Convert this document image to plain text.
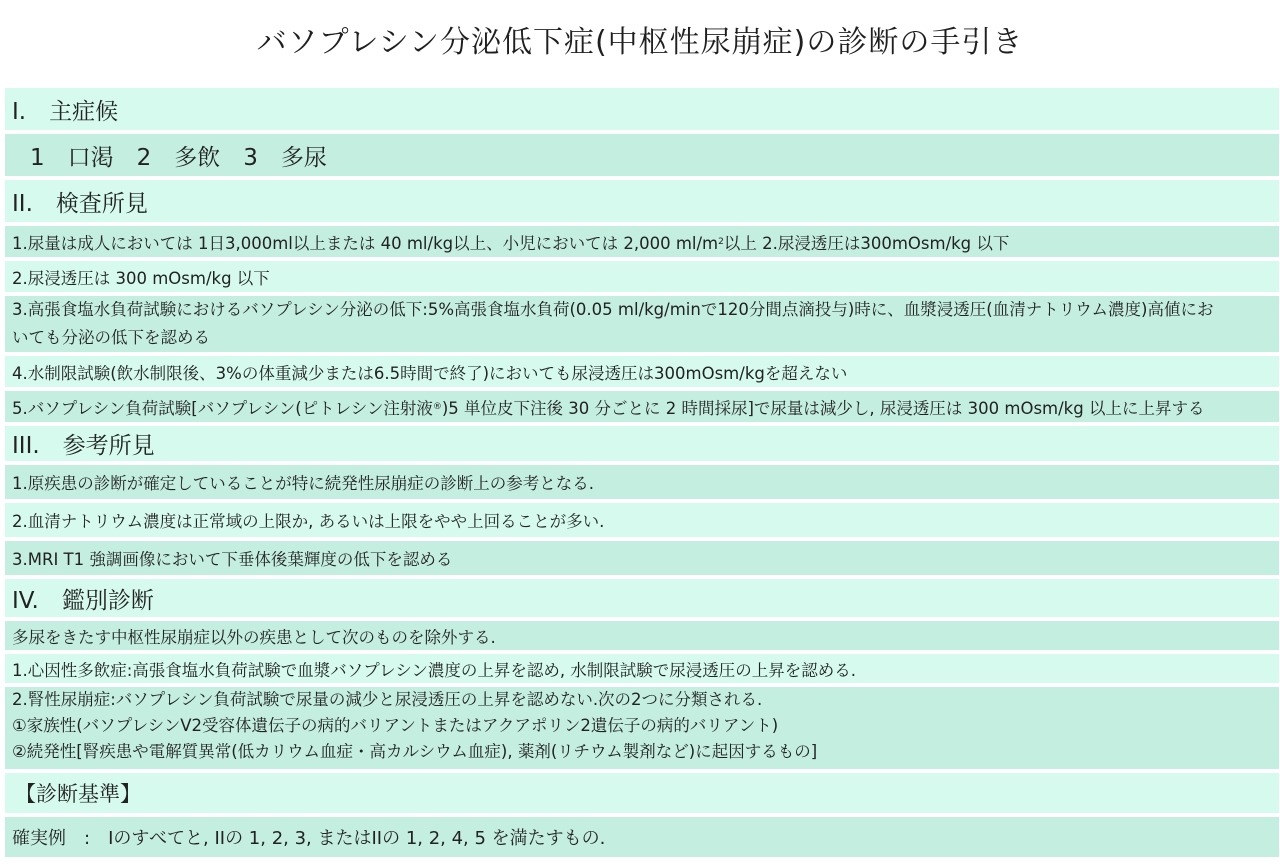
バソプレシン分泌低下症(中枢性尿崩症)の診断の手引き
I.　主症候
1　口渇　2　多飲　3　多尿
II.　検査所見
1.尿量は成人においては 1日3,000ml以上または 40 ml/kg以上、小児においては 2,000 ml/m 2 以上 2.尿浸透圧は300mOsm/kg 以下
2.尿浸透圧は 300 mOsm/kg 以下
3.高張食塩水負荷試験におけるバソプレシン分泌の低下:5%高張食塩水負荷(0.05 ml/kg/minで120分間点滴投与)時に、血漿浸透圧(血清ナトリウム濃度)高値にお
いても分泌の低下を認める
4.水制限試験(飲水制限後、3%の体重減少または6.5時間で終了)においても尿浸透圧は300mOsm/kgを超えない
5.バソプレシン負荷試験[バソプレシン(ピトレシン注射液 ® )5 単位皮下注後 30 分ごとに 2 時間採尿]で尿量は減少し, 尿浸透圧は 300 mOsm/kg 以上に上昇する
III.　参考所見
1.原疾患の診断が確定していることが特に続発性尿崩症の診断上の参考となる.
2.血清ナトリウム濃度は正常域の上限か, あるいは上限をやや上回ることが多い.
3.MRI T1 強調画像において下垂体後葉輝度の低下を認める
IV.　鑑別診断
多尿をきたす中枢性尿崩症以外の疾患として次のものを除外する.
1.心因性多飲症:高張食塩水負荷試験で血漿バソプレシン濃度の上昇を認め, 水制限試験で尿浸透圧の上昇を認める.
2.腎性尿崩症:バソプレシン負荷試験で尿量の減少と尿浸透圧の上昇を認めない.次の2つに分類される.
①家族性(バソプレシンV2受容体遺伝子の病的バリアントまたはアクアポリン2遺伝子の病的バリアント)
②続発性[腎疾患や電解質異常(低カリウム血症・高カルシウム血症), 薬剤(リチウム製剤など)に起因するもの]
【診断基準】
確実例　:　Iのすべてと, IIの 1, 2, 3, またはIIの 1, 2, 4, 5 を満たすもの.
